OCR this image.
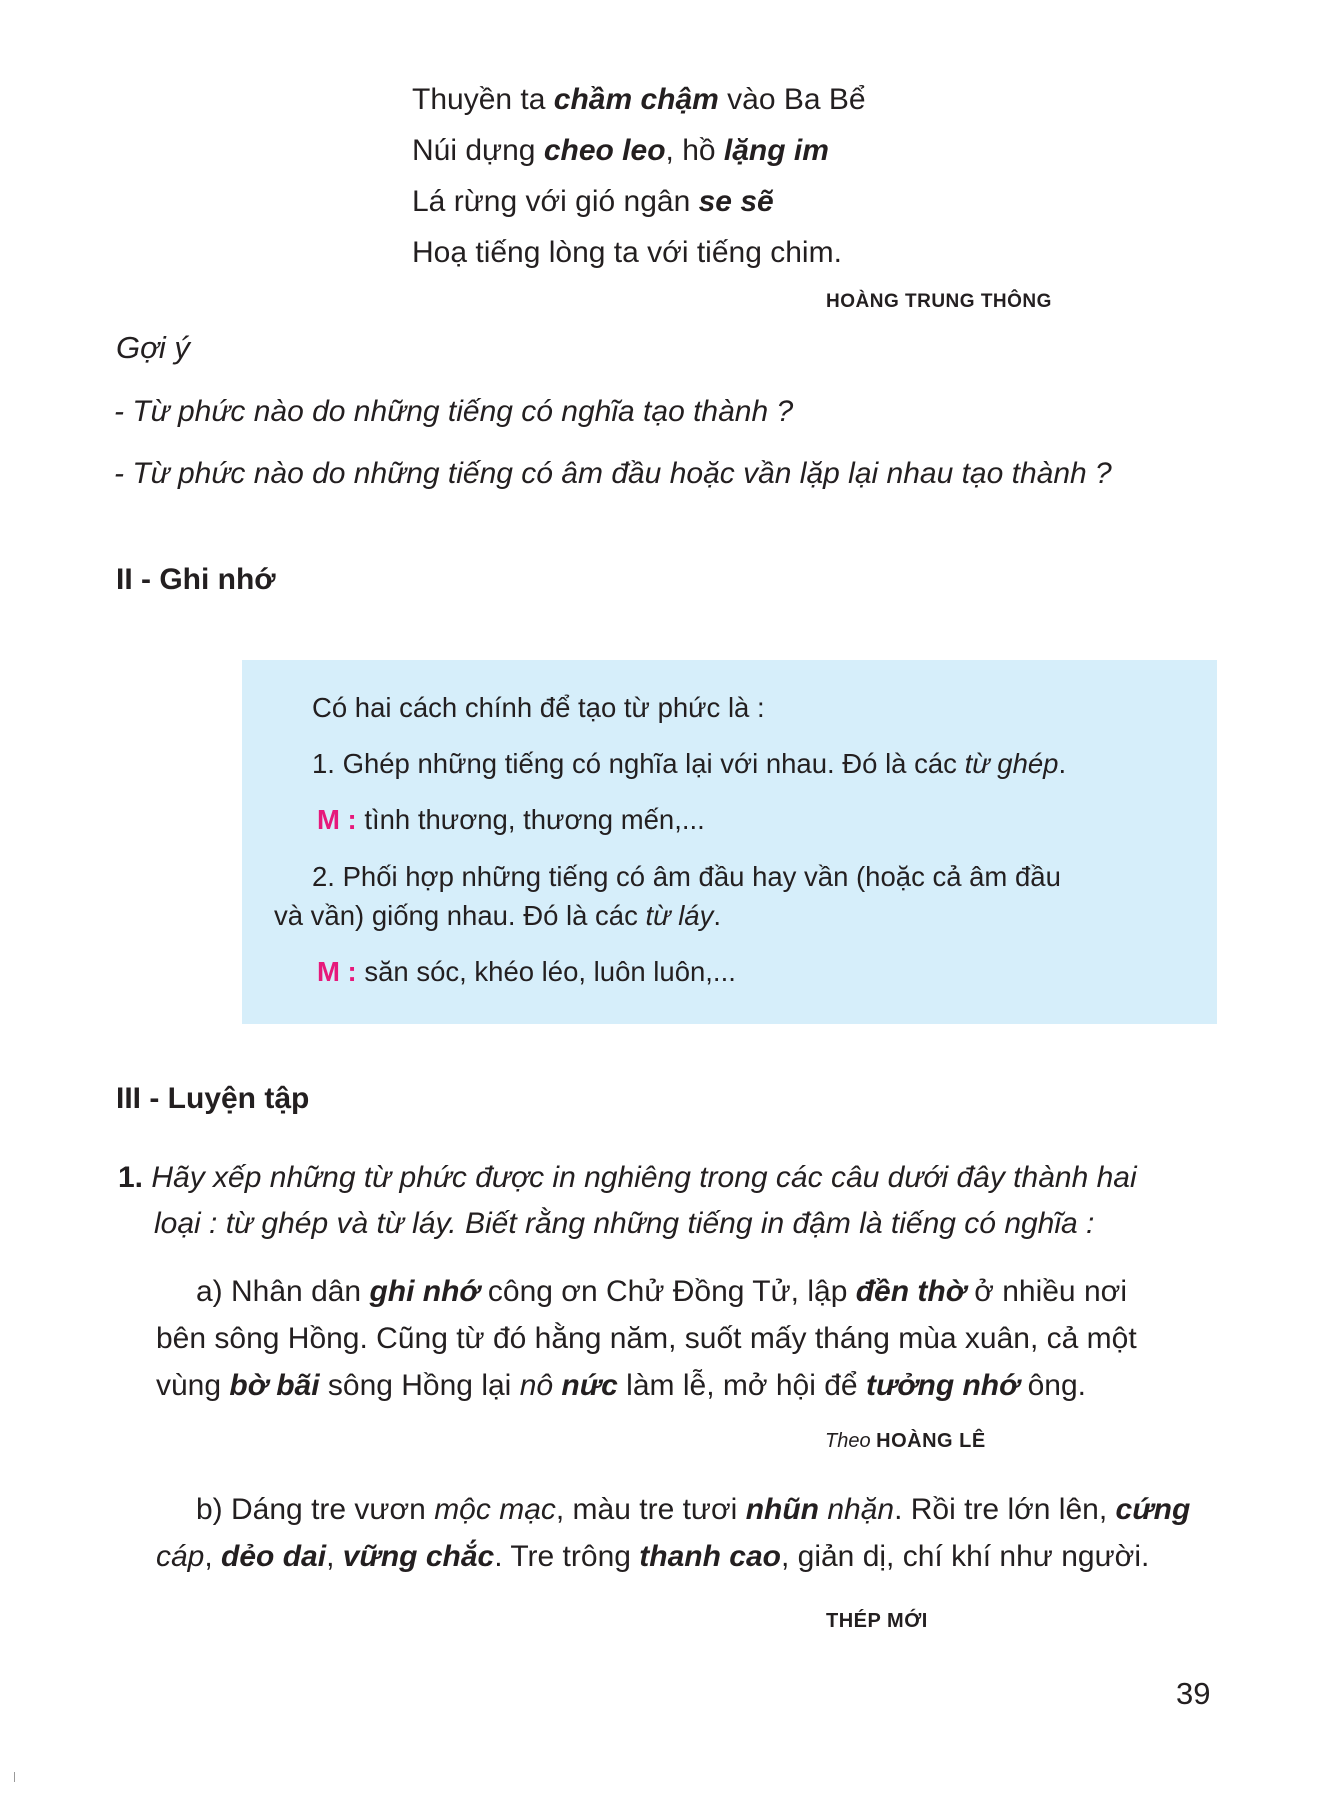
Thuyền ta chầm chậm vào Ba Bể
Núi dựng cheo leo, hồ lặng im
Lá rừng với gió ngân se sẽ
Hoạ tiếng lòng ta với tiếng chim.
HOÀNG TRUNG THÔNG
Gợi ý
- Từ phức nào do những tiếng có nghĩa tạo thành ?
- Từ phức nào do những tiếng có âm đầu hoặc vần lặp lại nhau tạo thành ?
II - Ghi nhớ
Có hai cách chính để tạo từ phức là :
1. Ghép những tiếng có nghĩa lại với nhau. Đó là các từ ghép.
M : tình thương, thương mến,...
2. Phối hợp những tiếng có âm đầu hay vần (hoặc cả âm đầu
và vần) giống nhau. Đó là các từ láy.
M : săn sóc, khéo léo, luôn luôn,...
III - Luyện tập
1. Hãy xếp những từ phức được in nghiêng trong các câu dưới đây thành hai
loại : từ ghép và từ láy. Biết rằng những tiếng in đậm là tiếng có nghĩa :
a) Nhân dân ghi nhớ công ơn Chử Đồng Tử, lập đền thờ ở nhiều nơi
bên sông Hồng. Cũng từ đó hằng năm, suốt mấy tháng mùa xuân, cả một
vùng bờ bãi sông Hồng lại nô nức làm lễ, mở hội để tưởng nhớ ông.
Theo HOÀNG LÊ
b) Dáng tre vươn mộc mạc, màu tre tươi nhũn nhặn. Rồi tre lớn lên, cứng
cáp, dẻo dai, vững chắc. Tre trông thanh cao, giản dị, chí khí như người.
THÉP MỚI
39
